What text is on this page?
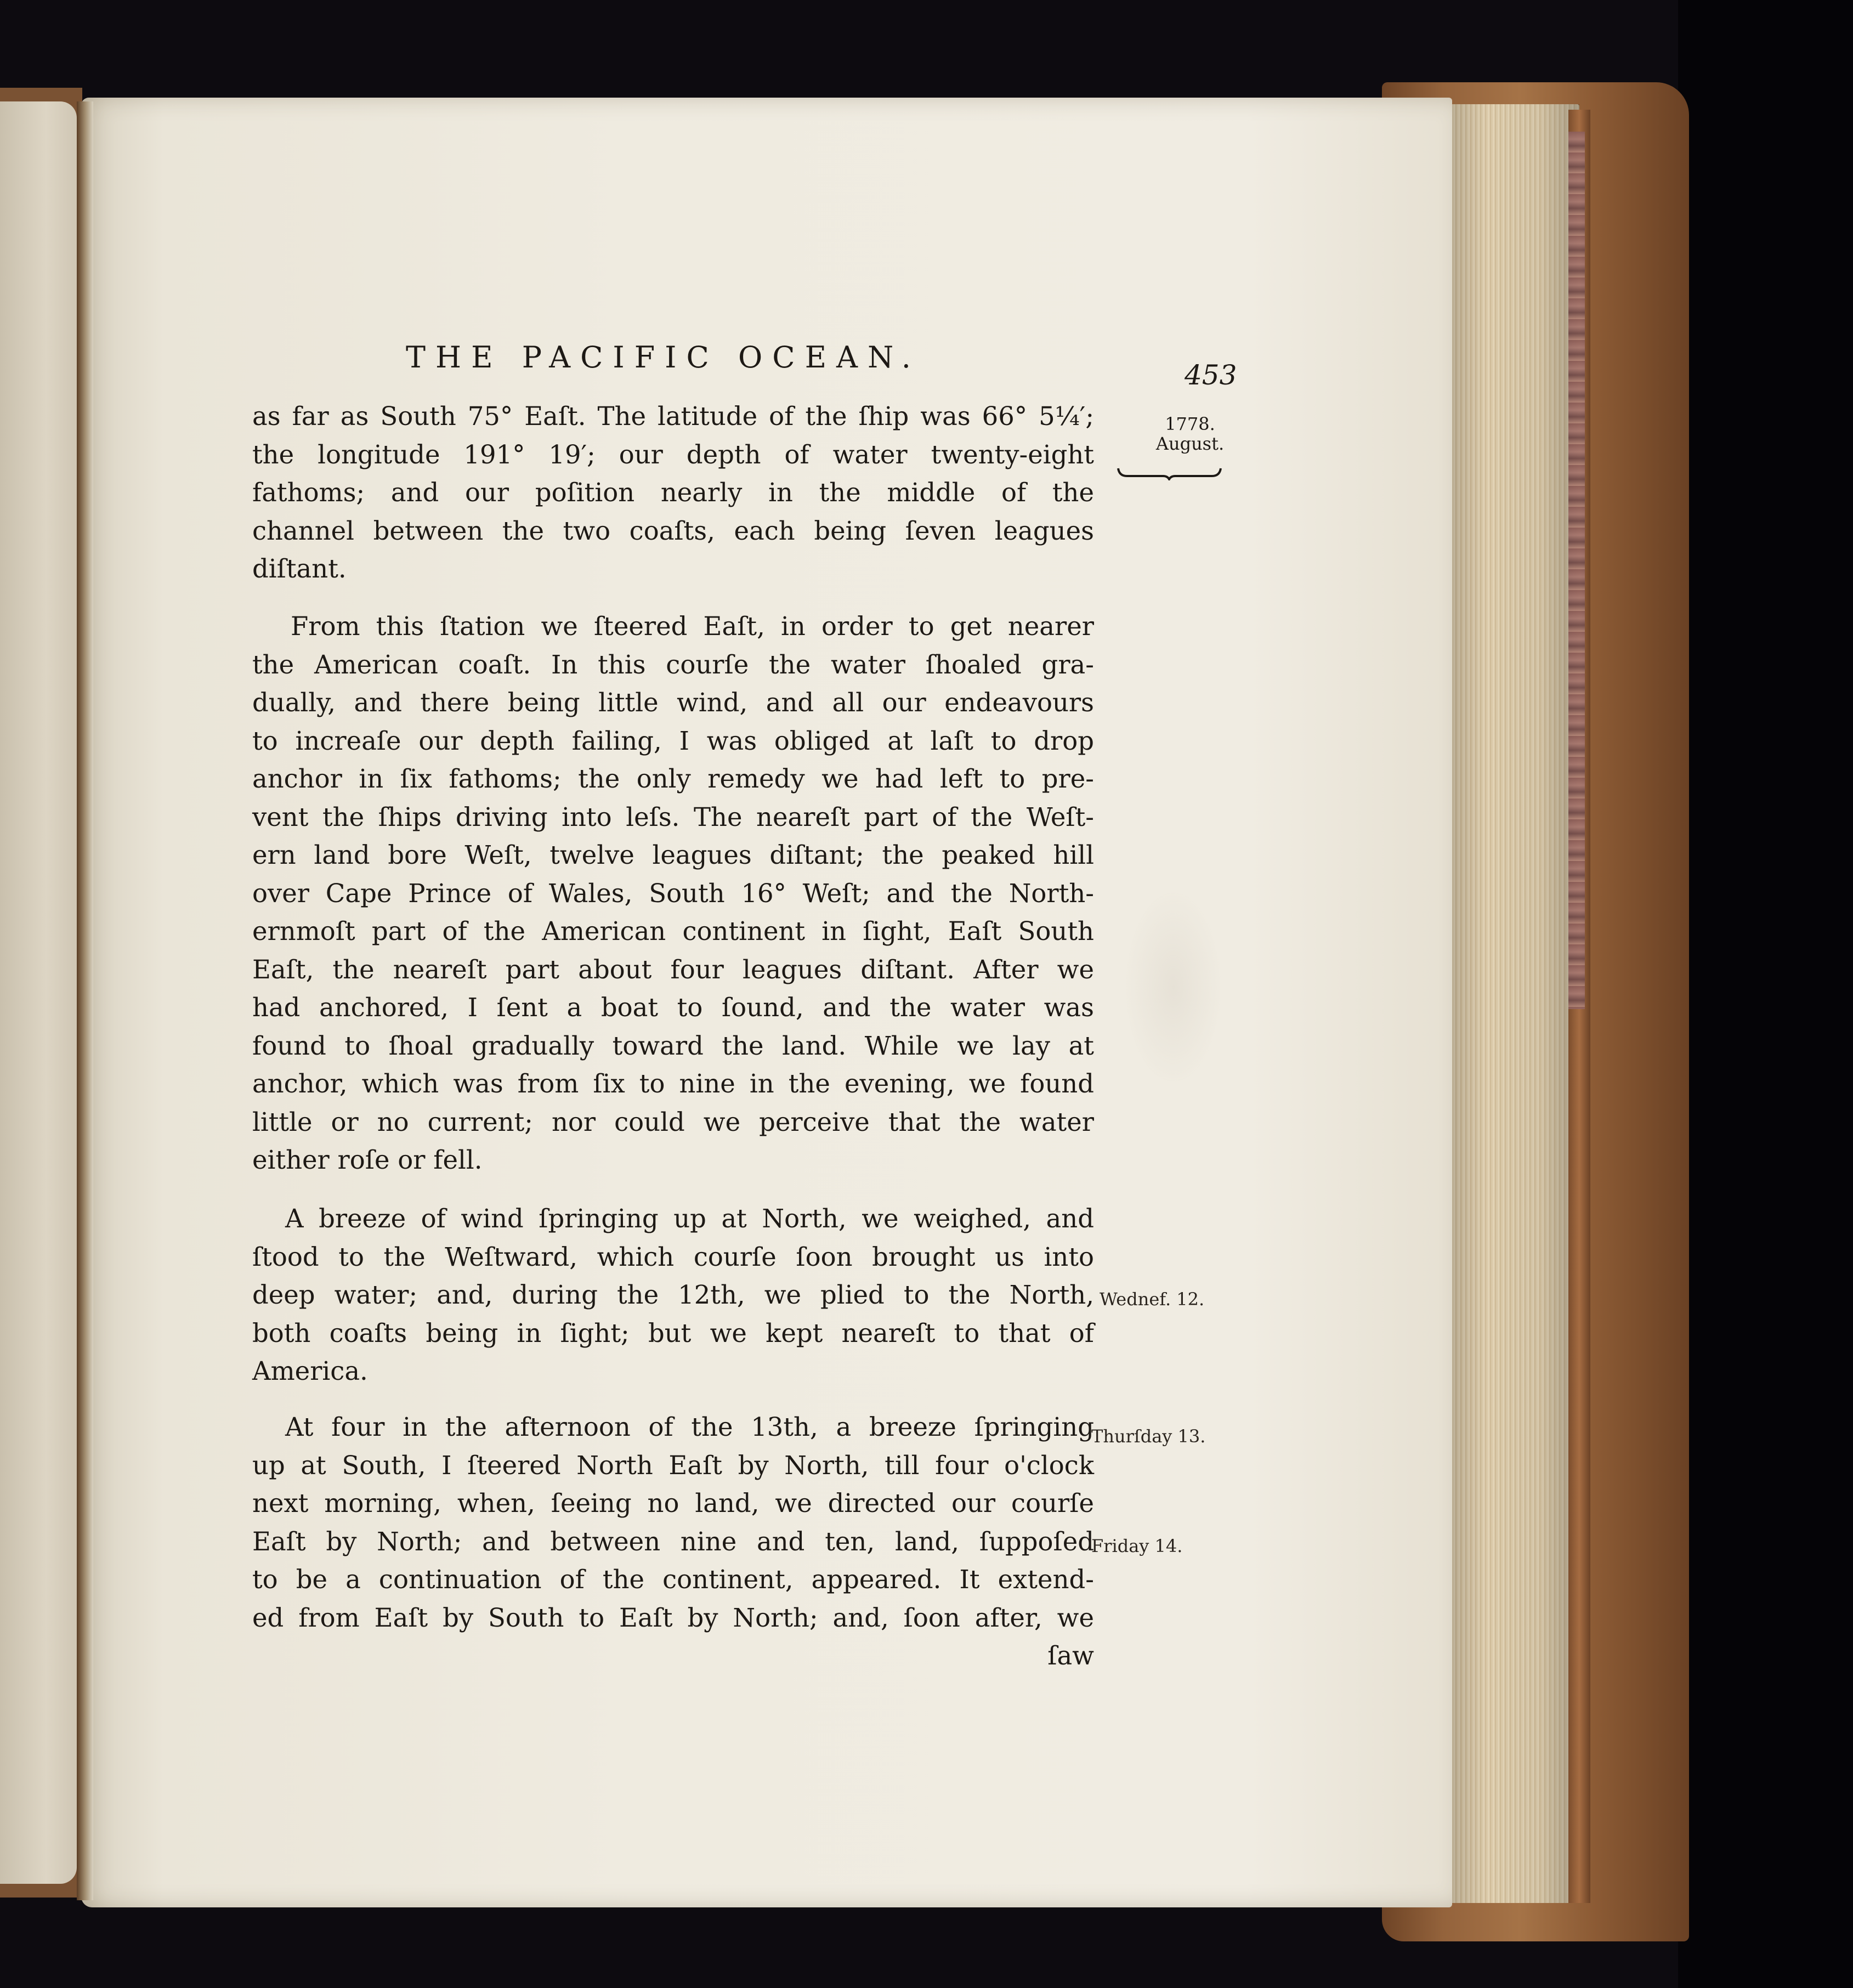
THE PACIFIC OCEAN.
453
1778.
August.
as far as South 75° Eaſt. The latitude of the ſhip was 66° 5¼′;
the longitude 191° 19′; our depth of water twenty-eight
fathoms; and our poſition nearly in the middle of the
channel between the two coaſts, each being ſeven leagues
diſtant.
From this ſtation we ſteered Eaſt, in order to get nearer
the American coaſt. In this courſe the water ſhoaled gra-
dually, and there being little wind, and all our endeavours
to increaſe our depth failing, I was obliged at laſt to drop
anchor in ſix fathoms; the only remedy we had left to pre-
vent the ſhips driving into leſs. The neareſt part of the Weſt-
ern land bore Weſt, twelve leagues diſtant; the peaked hill
over Cape Prince of Wales, South 16° Weſt; and the North-
ernmoſt part of the American continent in ſight, Eaſt South
Eaſt, the neareſt part about four leagues diſtant. After we
had anchored, I ſent a boat to ſound, and the water was
found to ſhoal gradually toward the land. While we lay at
anchor, which was from ſix to nine in the evening, we found
little or no current; nor could we perceive that the water
either roſe or fell.
A breeze of wind ſpringing up at North, we weighed, and
ſtood to the Weſtward, which courſe ſoon brought us into
deep water; and, during the 12th, we plied to the North,
both coaſts being in ſight; but we kept neareſt to that of
America.
At four in the afternoon of the 13th, a breeze ſpringing
up at South, I ſteered North Eaſt by North, till four o'clock
next morning, when, ſeeing no land, we directed our courſe
Eaſt by North; and between nine and ten, land, ſuppoſed
to be a continuation of the continent, appeared. It extend-
ed from Eaſt by South to Eaſt by North; and, ſoon after, we
ſaw
Wednef. 12.
Thurſday 13.
Friday 14.
